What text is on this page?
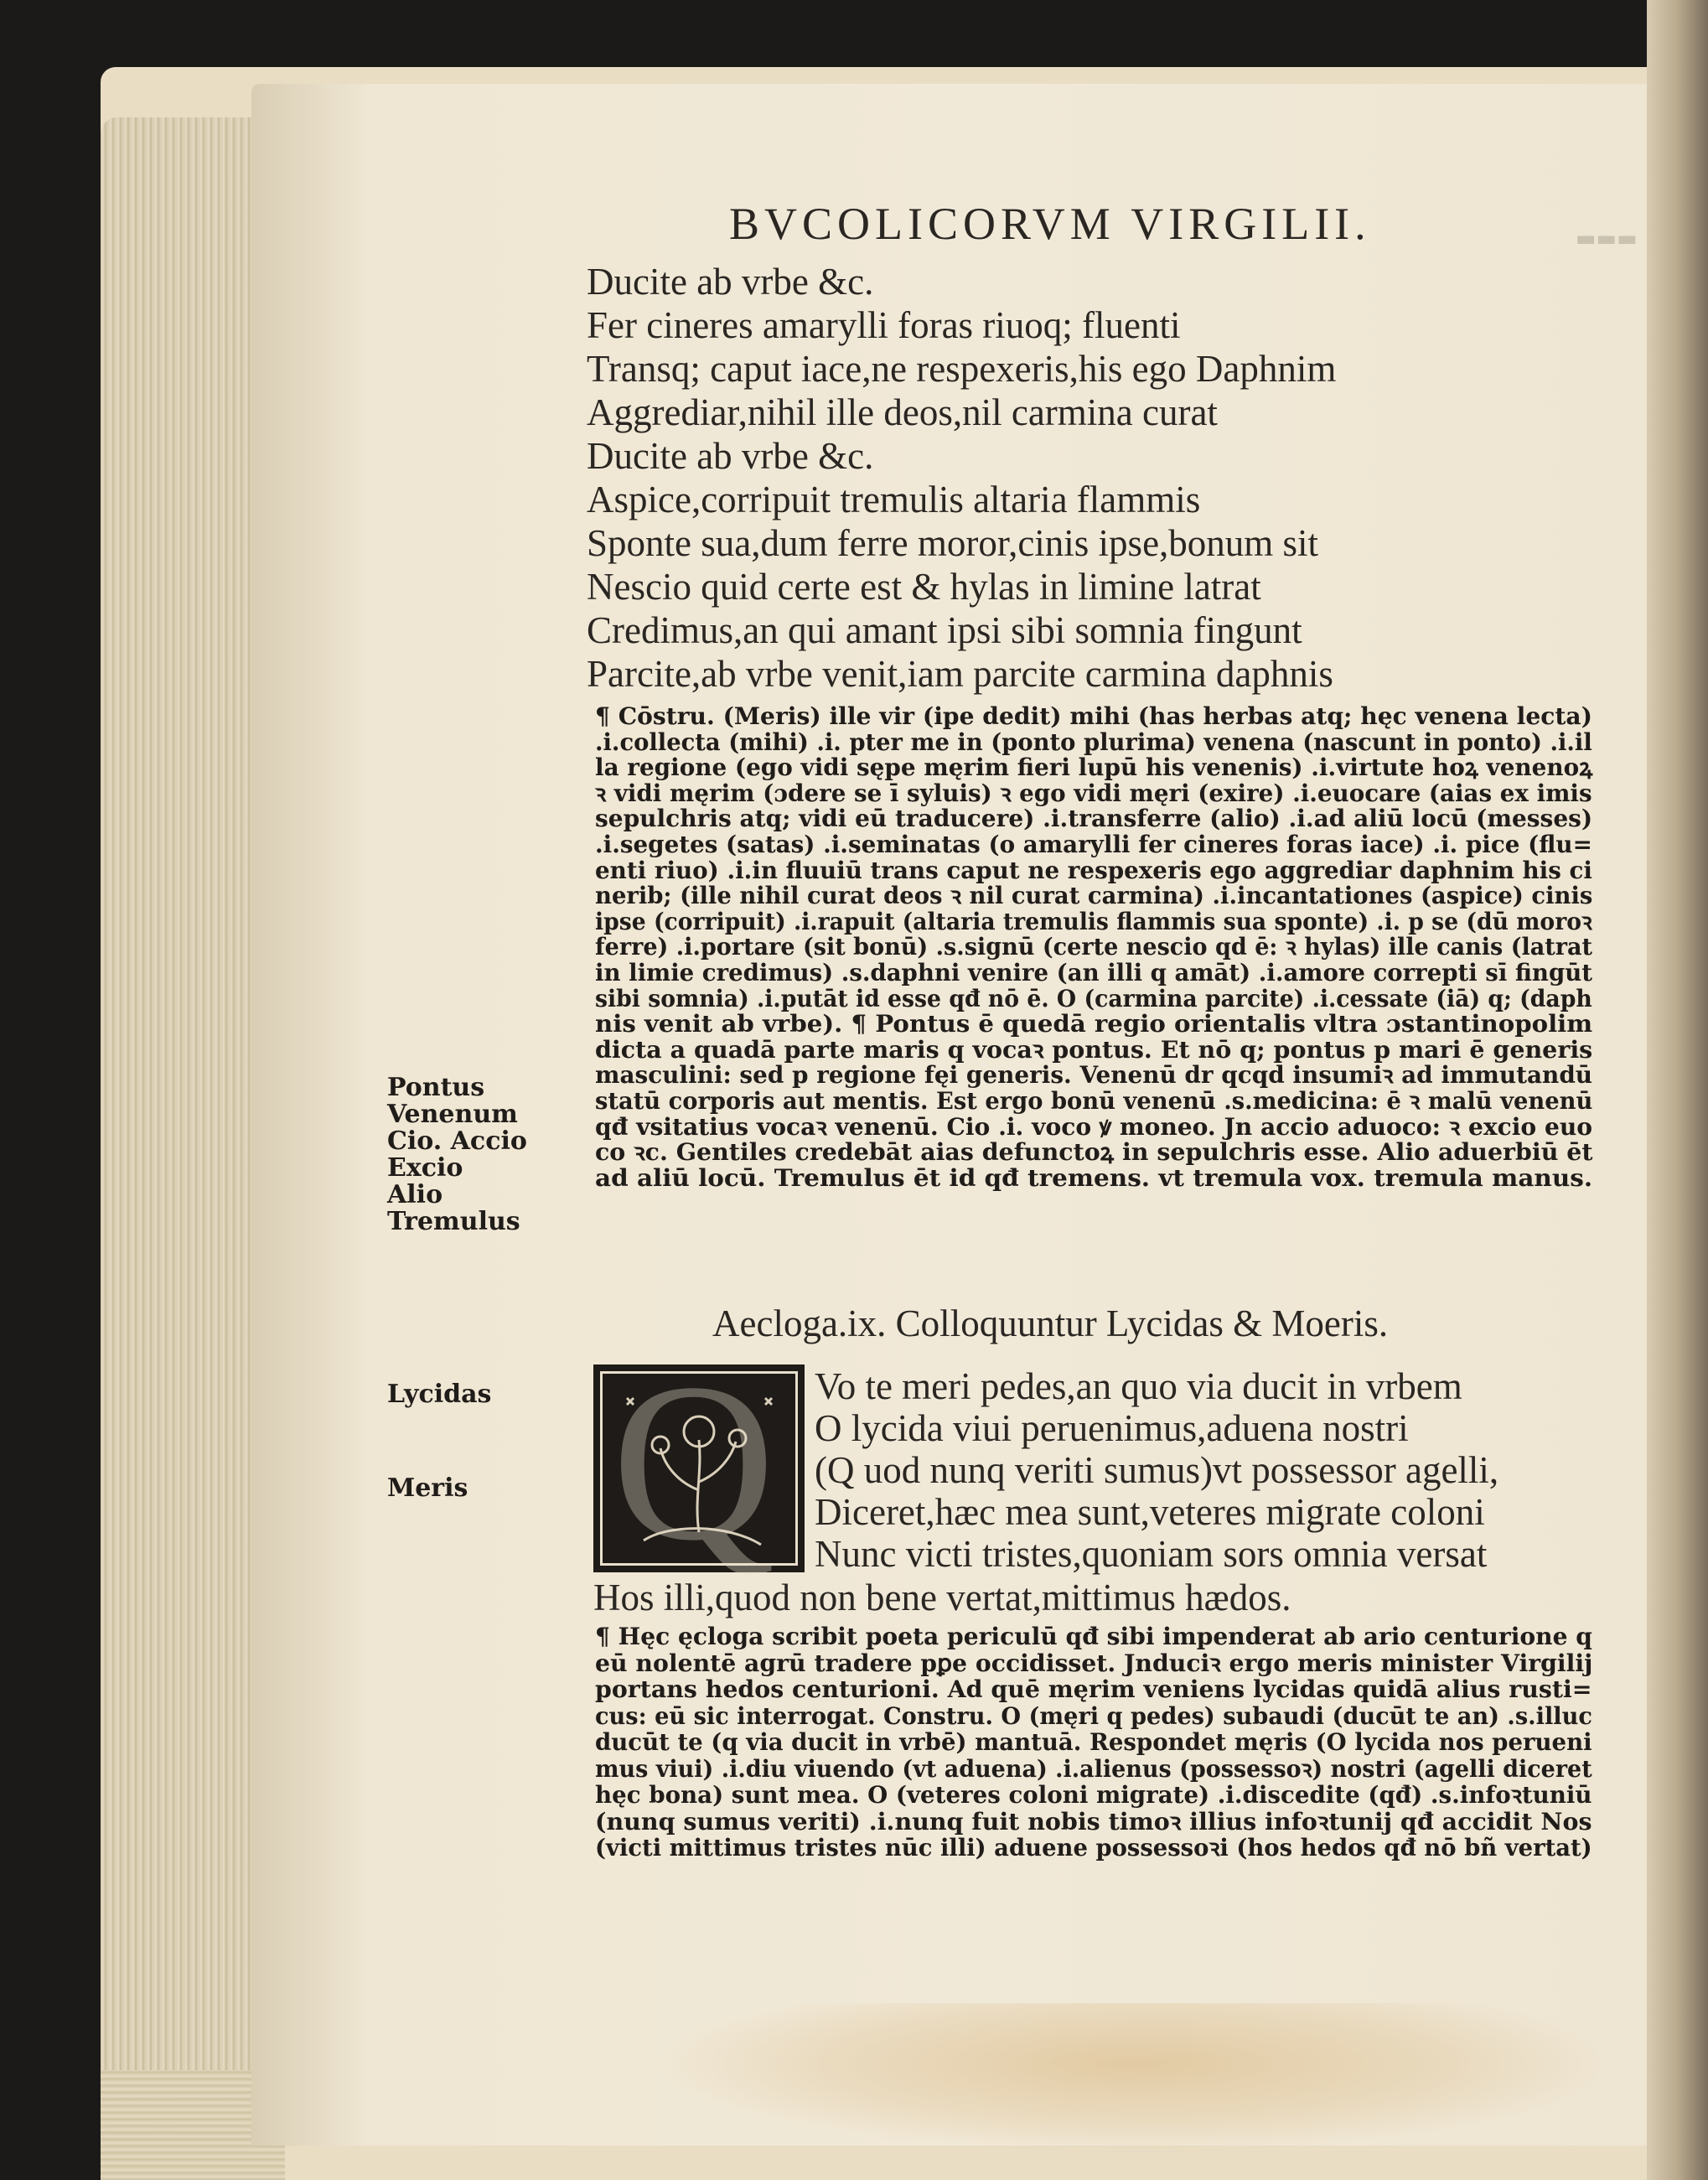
▬▬▬
BVCOLICORVM VIRGILII.

Ducite ab vrbe &c.

Fer cineres amarylli foras riuoq; fluenti

Transq; caput iace,ne respexeris,his ego Daphnim

Aggrediar,nihil ille deos,nil carmina curat

Ducite ab vrbe &c.

Aspice,corripuit tremulis altaria flammis

Sponte sua,dum ferre moror,cinis ipse,bonum sit

Nescio quid certe est & hylas in limine latrat

Credimus,an qui amant ipsi sibi somnia fingunt

Parcite,ab vrbe venit,iam parcite carmina daphnis

¶ Cōstru. (Meris) ille vir (ipe dedit) mihi (has herbas atq; hęc venena lecta)

.i.collecta (mihi) .i. pter me in (ponto plurima) venena (nascunt in ponto) .i.il

la regione (ego vidi sępe męrim fieri lupū his venenis) .i.virtute hoꝝ venenoꝝ

ꝛ vidi męrim (ɔdere se ī syluis) ꝛ ego vidi męri (exire) .i.euocare (aias ex imis

sepulchris atq; vidi eū traducere) .i.transferre (alio) .i.ad aliū locū (messes)

.i.segetes (satas) .i.seminatas (o amarylli fer cineres foras iace) .i. pice (flu=

enti riuo) .i.in fluuiū trans caput ne respexeris ego aggrediar daphnim his ci

nerib; (ille nihil curat deos ꝛ nil curat carmina) .i.incantationes (aspice) cinis

ipse (corripuit) .i.rapuit (altaria tremulis flammis sua sponte) .i. p se (dū moroꝛ

ferre) .i.portare (sit bonū) .s.signū (certe nescio qd ē: ꝛ hylas) ille canis (latrat

in limie credimus) .s.daphni venire (an illi q amāt) .i.amore correpti sī fingūt

sibi somnia) .i.putāt id esse qđ nō ē. O (carmina parcite) .i.cessate (iā) q; (daph

nis venit ab vrbe). ¶ Pontus ē quedā regio orientalis vltra ɔstantinopolim

dicta a quadā parte maris q vocaꝛ pontus. Et nō q; pontus p mari ē generis

masculini: sed p regione fęi generis. Venenū dr qcqd insumiꝛ ad immutandū

statū corporis aut mentis. Est ergo bonū venenū .s.medicina: ē ꝛ malū venenū

qđ vsitatius vocaꝛ venenū. Cio .i. voco ꝟ moneo. Jn accio aduoco: ꝛ excio euo

co ꝛc. Gentiles credebāt aias defunctoꝝ in sepulchris esse. Alio aduerbiū ēt

ad aliū locū. Tremulus ēt id qđ tremens. vt tremula vox. tremula manus.

Pontus
Venenum
Cio. Accio
Excio
Alio
Tremulus
Aecloga.ix. Colloquuntur Lycidas & Moeris.
Q
Lycidas
Meris

Vo te meri pedes,an quo via ducit in vrbem

O lycida viui peruenimus,aduena nostri

(Q uod nunq veriti sumus)vt possessor agelli,

Diceret,hæc mea sunt,veteres migrate coloni

Nunc victi tristes,quoniam sors omnia versat

Hos illi,quod non bene vertat,mittimus hædos.

¶ Hęc ęcloga scribit poeta periculū qđ sibi impenderat ab ario centurione q

eū nolentē agrū tradere pꝑe occidisset. Jnduciꝛ ergo meris minister Virgilij

portans hedos centurioni. Ad quē męrim veniens lycidas quidā alius rusti=

cus: eū sic interrogat. Constru. O (męri q pedes) subaudi (ducūt te an) .s.illuc

ducūt te (q via ducit in vrbē) mantuā. Respondet męris (O lycida nos perueni

mus viui) .i.diu viuendo (vt aduena) .i.alienus (possessoꝛ) nostri (agelli diceret

hęc bona) sunt mea. O (veteres coloni migrate) .i.discedite (qđ) .s.infoꝛtuniū

(nunq sumus veriti) .i.nunq fuit nobis timoꝛ illius infoꝛtunij qđ accidit Nos

(victi mittimus tristes nūc illi) aduene possessoꝛi (hos hedos qđ nō bñ vertat)
